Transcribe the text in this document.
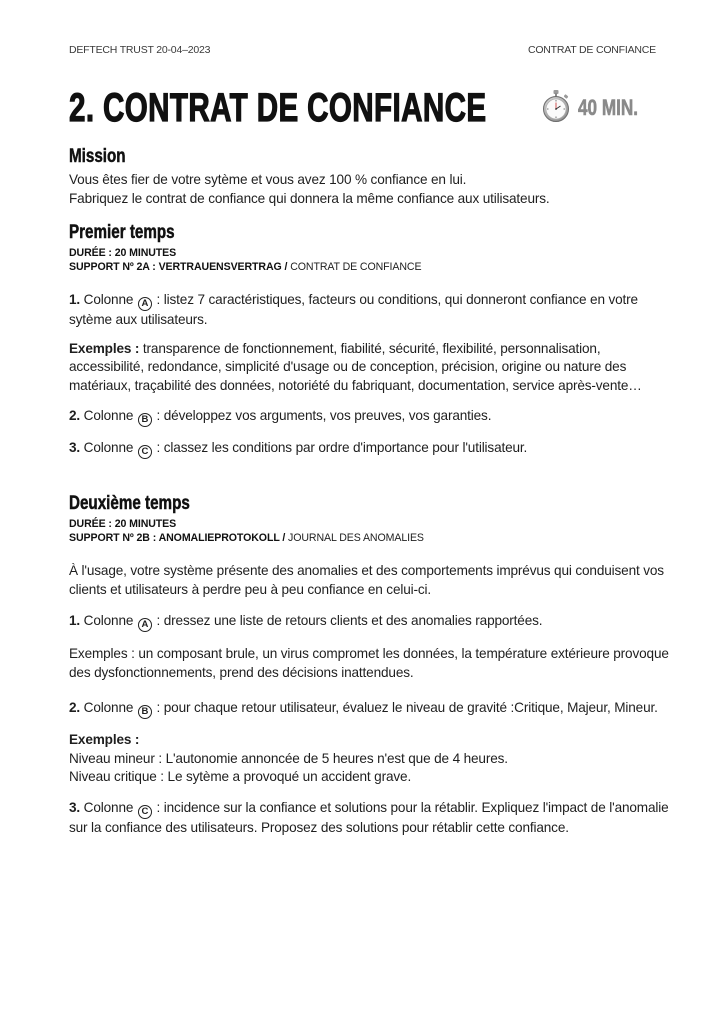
DEFTECH TRUST 20-04–2023	CONTRAT DE CONFIANCE
2. CONTRAT DE CONFIANCE	40 MIN.
Mission

Vous êtes fier de votre sytème et vous avez 100 % confiance en lui.

Fabriquez le contrat de confiance qui donnera la même confiance aux utilisateurs.

Premier temps

DURÉE : 20 MINUTES

SUPPORT Nº 2A : VERTRAUENSVERTRAG / CONTRAT DE CONFIANCE

1. Colonne A : listez 7 caractéristiques, facteurs ou conditions, qui donneront confiance en votre sytème aux utilisateurs.

Exemples : transparence de fonctionnement, fiabilité, sécurité, flexibilité, personnalisation, accessibilité, redondance, simplicité d'usage ou de conception, précision, origine ou nature des matériaux, traçabilité des données, notoriété du fabriquant, documentation, service après-vente…

2. Colonne B : développez vos arguments, vos preuves, vos garanties.

3. Colonne C : classez les conditions par ordre d'importance pour l'utilisateur.

Deuxième temps

DURÉE : 20 MINUTES

SUPPORT Nº 2B : ANOMALIEPROTOKOLL / JOURNAL DES ANOMALIES

À l'usage, votre système présente des anomalies et des comportements imprévus qui conduisent vos clients et utilisateurs à perdre peu à peu confiance en celui-ci.

1. Colonne A : dressez une liste de retours clients et des anomalies rapportées.

Exemples : un composant brule, un virus compromet les données, la température extérieure provoque des dysfonctionnements, prend des décisions inattendues.

2. Colonne B : pour chaque retour utilisateur, évaluez le niveau de gravité :Critique, Majeur, Mineur.

Exemples :

Niveau mineur : L'autonomie annoncée de 5 heures n'est que de 4 heures.

Niveau critique : Le sytème a provoqué un accident grave.

3. Colonne C : incidence sur la confiance et solutions pour la rétablir. Expliquez l'impact de l'anomalie sur la confiance des utilisateurs. Proposez des solutions pour rétablir cette confiance.
